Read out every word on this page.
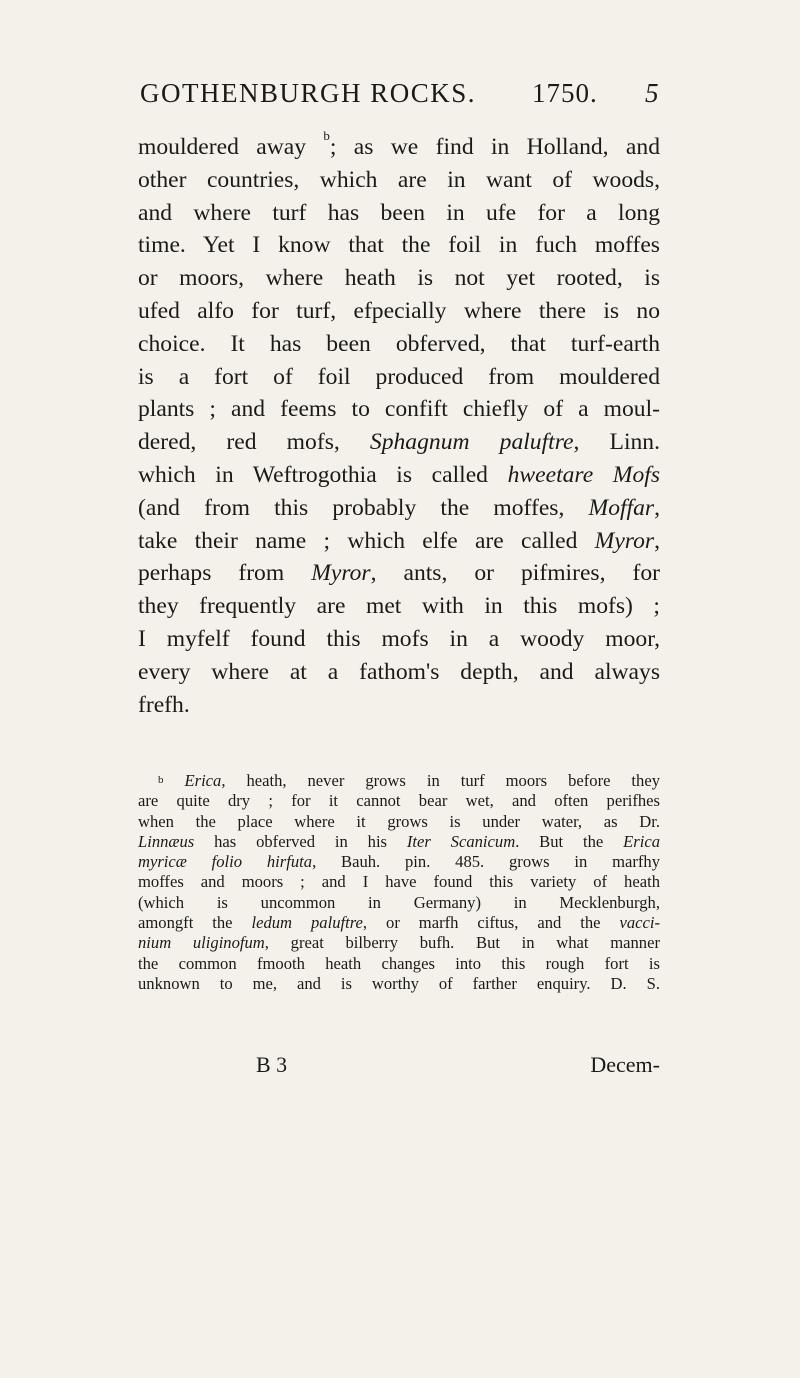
GOTHENBURGH ROCKS. 1750. 5
mouldered away $^b$; as we find in Holland, and
other countries, which are in want of woods,
and where turf has been in ufe for a long
time. Yet I know that the foil in fuch moffes
or moors, where heath is not yet rooted, is
ufed alfo for turf, efpecially where there is no
choice. It has been obferved, that turf-earth
is a fort of foil produced from mouldered
plants ; and feems to confift chiefly of a moul-
dered, red mofs, Sphagnum paluftre, Linn.
which in Weftrogothia is called hweetare Mofs
(and from this probably the moffes, Moffar,
take their name ; which elfe are called Myror,
perhaps from Myror, ants, or pifmires, for
they frequently are met with in this mofs) ;
I myfelf found this mofs in a woody moor,
every where at a fathom's depth, and always
frefh.
$^b$ Erica, heath, never grows in turf moors before they
are quite dry ; for it cannot bear wet, and often perifhes
when the place where it grows is under water, as Dr.
Linnæus has obferved in his Iter Scanicum. But the Erica
myricæ folio hirfuta, Bauh. pin. 485. grows in marfhy
moffes and moors ; and I have found this variety of heath
(which is uncommon in Germany) in Mecklenburgh,
amongft the ledum paluftre, or marfh ciftus, and the vacci-
nium uliginofum, great bilberry bufh. But in what manner
the common fmooth heath changes into this rough fort is
unknown to me, and is worthy of farther enquiry. D. S.
B 3	Decem-
